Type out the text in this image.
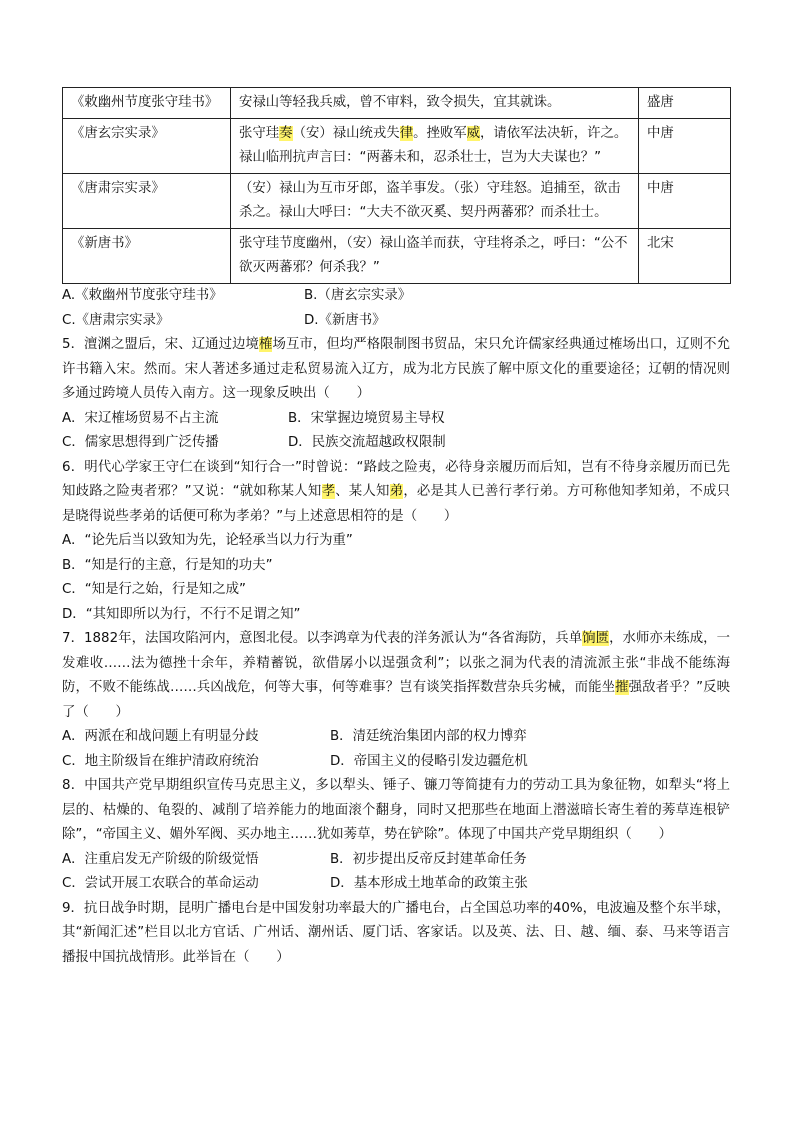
《敕幽州节度张守珪书》	安禄山等轻我兵威，曾不审料，致令损失，宜其就诛。	盛唐
《唐玄宗实录》	张守珪奏（安）禄山统戎失律。挫败军威，请依军法决斩，许之。禄山临刑抗声言曰：“两蕃未和，忍杀壮士，岂为大夫谋也？”	中唐
《唐肃宗实录》	（安）禄山为互市牙郎，盗羊事发。（张）守珪怒。追捕至，欲击杀之。禄山大呼曰：“大夫不欲灭奚、契丹两蕃邪？而杀壮士。	中唐
《新唐书》	张守珪节度幽州，（安）禄山盗羊而获，守珪将杀之，呼曰：“公不欲灭两蕃邪？何杀我？”	北宋
A.《敕幽州节度张守珪书》	B.（唐玄宗实录》
C.《唐肃宗实录》	D.《新唐书》
5．澶渊之盟后，宋、辽通过边境榷场互市，但均严格限制图书贸品，宋只允许儒家经典通过榷场出口，辽则不允许书籍入宋。然而。宋人著述多通过走私贸易流入辽方，成为北方民族了解中原文化的重要途径；辽朝的情况则多通过跨境人员传入南方。这一现象反映出（　　）
A．宋辽榷场贸易不占主流	B．宋掌握边境贸易主导权
C．儒家思想得到广泛传播	D．民族交流超越政权限制
6．明代心学家王守仁在谈到“知行合一”时曾说：“路歧之险夷，必待身亲履历而后知，岂有不待身亲履历而已先知歧路之险夷者邪？”又说：“就如称某人知孝、某人知弟，必是其人已善行孝行弟。方可称他知孝知弟，不成只是晓得说些孝弟的话便可称为孝弟？”与上述意思相符的是（　　）
A．“论先后当以致知为先，论轻承当以力行为重”
B．“知是行的主意，行是知的功夫”
C．“知是行之始，行是知之成”
D．“其知即所以为行，不行不足谓之知”
7．1882年，法国攻陷河内，意图北侵。以李鸿章为代表的洋务派认为“各省海防，兵单饷匮，水师亦未练成，一发难收……法为德挫十余年，养精蓄锐，欲借孱小以逞强贪利”；以张之洞为代表的清流派主张“非战不能练海防，不败不能练战……兵凶战危，何等大事，何等难事？岂有谈笑指挥数营杂兵劣械，而能坐摧强敌者乎？”反映了（　　）
A．两派在和战问题上有明显分歧	B．清廷统治集团内部的权力博弈
C．地主阶级旨在维护清政府统治	D．帝国主义的侵略引发边疆危机
8．中国共产党早期组织宣传马克思主义，多以犁头、锤子、镰刀等简捷有力的劳动工具为象征物，如犁头“将上层的、枯燥的、龟裂的、减削了培养能力的地面滚个翻身，同时又把那些在地面上潜滋暗长寄生着的莠草连根铲除”，“帝国主义、媚外军阀、买办地主……犹如莠草，势在铲除”。体现了中国共产党早期组织（　　）
A．注重启发无产阶级的阶级觉悟	B．初步提出反帝反封建革命任务
C．尝试开展工农联合的革命运动	D．基本形成土地革命的政策主张
9．抗日战争时期，昆明广播电台是中国发射功率最大的广播电台，占全国总功率的40%，电波遍及整个东半球，其“新闻汇述”栏目以北方官话、广州话、潮州话、厦门话、客家话。以及英、法、日、越、缅、泰、马来等语言播报中国抗战情形。此举旨在（　　）
